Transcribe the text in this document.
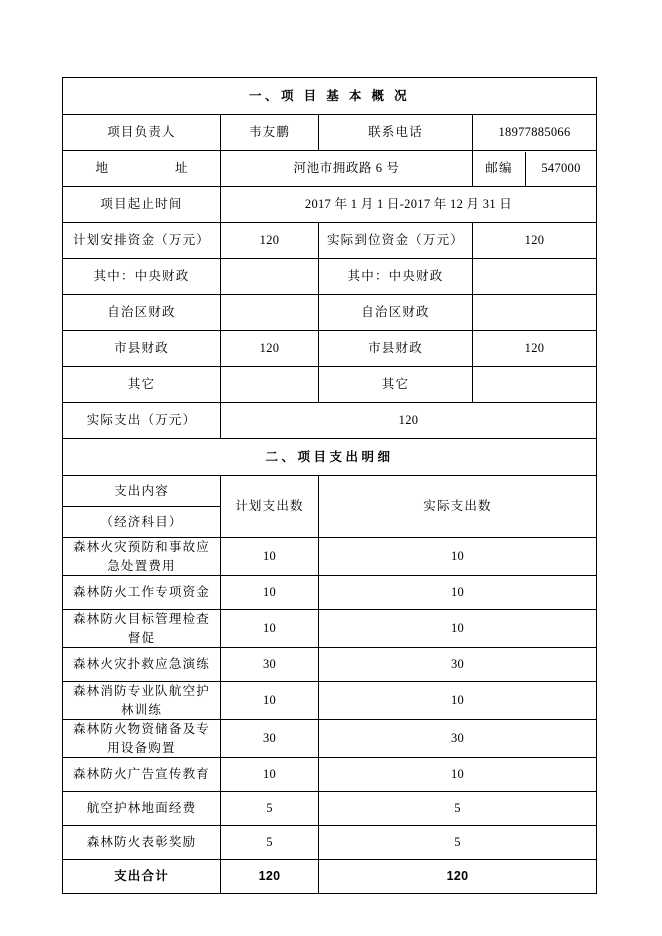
一、项 目 基 本 概 况
项目负责人	韦友鹏	联系电话	18977885066
地　　址	河池市拥政路 6 号		邮编	547000

项目起止时间	2017 年 1 月 1 日-2017 年 12 月 31 日
计划安排资金（万元）	120	实际到位资金（万元）	120
其中：中央财政		其中：中央财政	
自治区财政		自治区财政	
市县财政	120	市县财政	120
其它		其它	
实际支出（万元）	120
二、项目支出明细
支出内容	计划支出数	实际支出数
（经济科目）
森林火灾预防和事故应急处置费用	10	10
森林防火工作专项资金	10	10
森林防火目标管理检查督促	10	10
森林火灾扑救应急演练	30	30
森林消防专业队航空护林训练	10	10
森林防火物资储备及专用设备购置	30	30
森林防火广告宣传教育	10	10
航空护林地面经费	5	5
森林防火表彰奖励	5	5
支出合计	120	120
